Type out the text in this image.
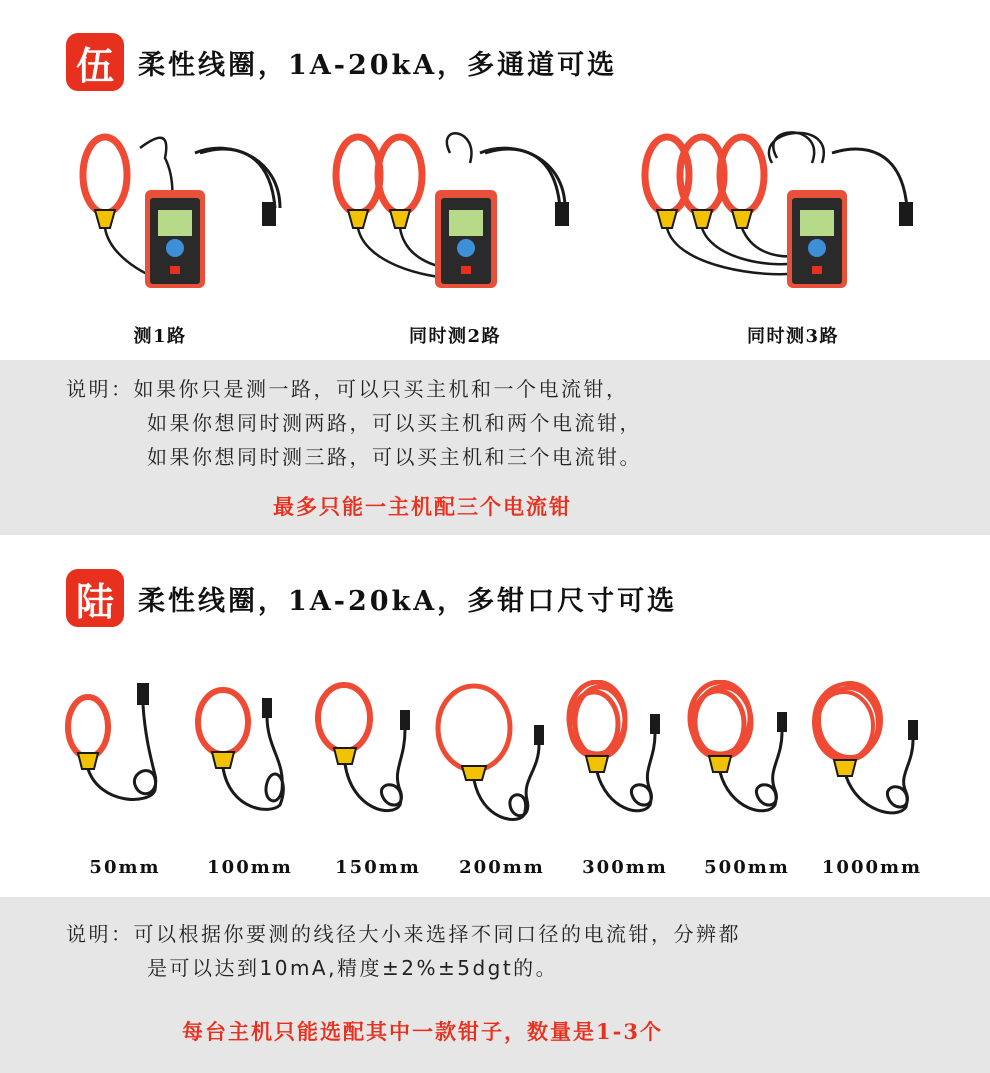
伍 柔性线圈，1A-20kA，多通道可选
测1路	同时测2路	同时测3路
说明：如果你只是测一路，可以只买主机和一个电流钳，
如果你想同时测两路，可以买主机和两个电流钳，
如果你想同时测三路，可以买主机和三个电流钳。
最多只能一主机配三个电流钳
陆 柔性线圈，1A-20kA，多钳口尺寸可选
50mm	100mm	150mm	200mm	300mm	500mm	1000mm
说明：可以根据你要测的线径大小来选择不同口径的电流钳，分辨都
是可以达到10mA,精度±2%±5dgt的。
每台主机只能选配其中一款钳子，数量是1-3个
